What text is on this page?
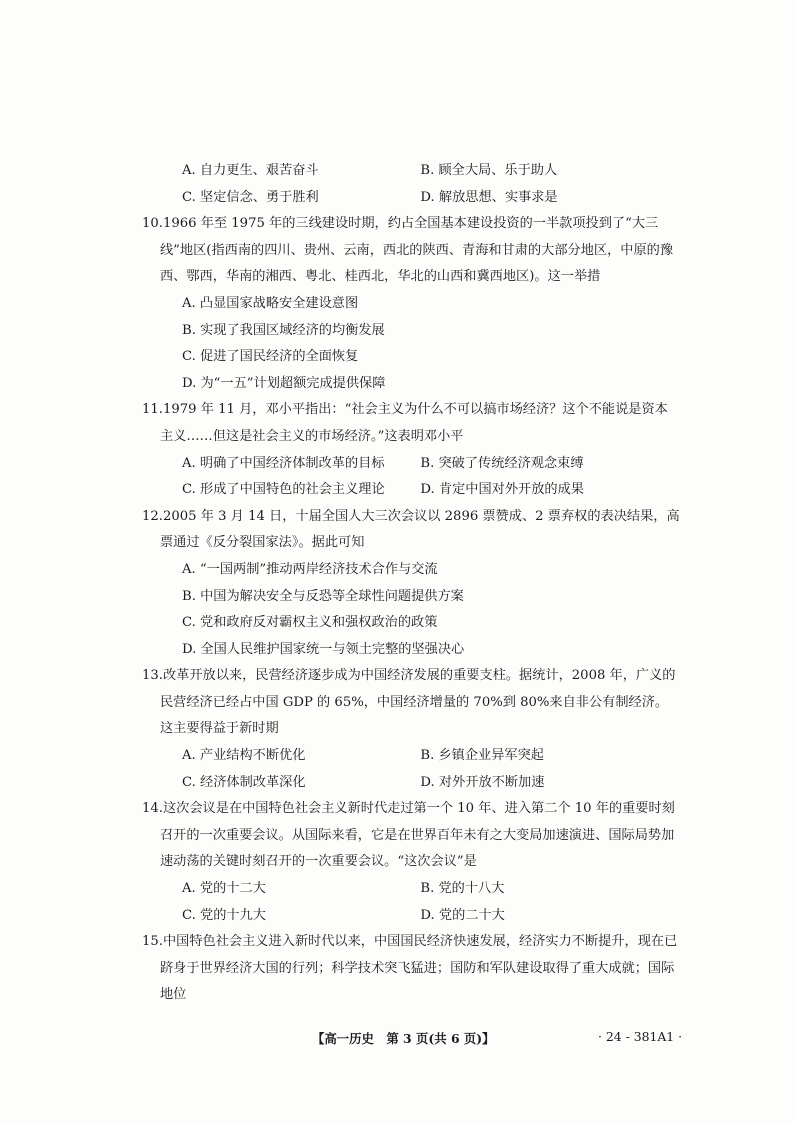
A. 自力更生、艰苦奋斗	B. 顾全大局、乐于助人
C. 坚定信念、勇于胜利	D. 解放思想、实事求是
10.1966 年至 1975 年的三线建设时期，约占全国基本建设投资的一半款项投到了“大三线”地区(指西南的四川、贵州、云南，西北的陕西、青海和甘肃的大部分地区，中原的豫西、鄂西，华南的湘西、粤北、桂西北，华北的山西和冀西地区)。这一举措
A. 凸显国家战略安全建设意图
B. 实现了我国区域经济的均衡发展
C. 促进了国民经济的全面恢复
D. 为“一五”计划超额完成提供保障
11.1979 年 11 月，邓小平指出：“社会主义为什么不可以搞市场经济？这个不能说是资本主义……但这是社会主义的市场经济。”这表明邓小平
A. 明确了中国经济体制改革的目标	B. 突破了传统经济观念束缚
C. 形成了中国特色的社会主义理论	D. 肯定中国对外开放的成果
12.2005 年 3 月 14 日，十届全国人大三次会议以 2896 票赞成、2 票弃权的表决结果，高票通过《反分裂国家法》。据此可知
A. “一国两制”推动两岸经济技术合作与交流
B. 中国为解决安全与反恐等全球性问题提供方案
C. 党和政府反对霸权主义和强权政治的政策
D. 全国人民维护国家统一与领土完整的坚强决心
13.改革开放以来，民营经济逐步成为中国经济发展的重要支柱。据统计，2008 年，广义的民营经济已经占中国 GDP 的 65%，中国经济增量的 70%到 80%来自非公有制经济。这主要得益于新时期
A. 产业结构不断优化	B. 乡镇企业异军突起
C. 经济体制改革深化	D. 对外开放不断加速
14.这次会议是在中国特色社会主义新时代走过第一个 10 年、进入第二个 10 年的重要时刻召开的一次重要会议。从国际来看，它是在世界百年未有之大变局加速演进、国际局势加速动荡的关键时刻召开的一次重要会议。“这次会议”是
A. 党的十二大	B. 党的十八大
C. 党的十九大	D. 党的二十大
15.中国特色社会主义进入新时代以来，中国国民经济快速发展，经济实力不断提升，现在已跻身于世界经济大国的行列；科学技术突飞猛进；国防和军队建设取得了重大成就；国际地位
【高一历史　第 3 页(共 6 页)】	· 24 - 381A1 ·
